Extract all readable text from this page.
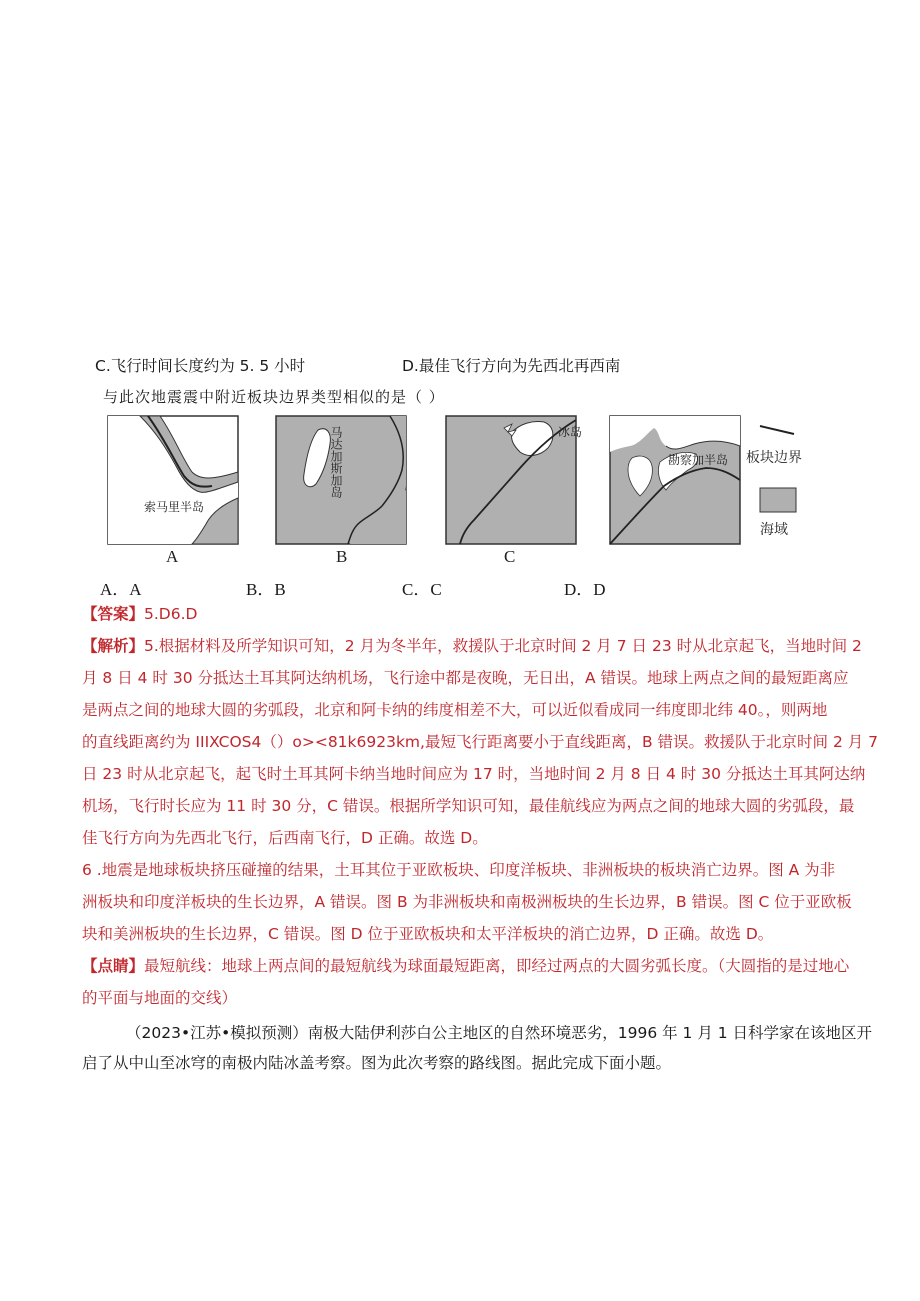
C.飞行时间长度约为 5. 5 小时	D.最佳飞行方向为先西北再西南
与此次地震震中附近板块边界类型相似的是（ ）
索马里半岛
马达加斯加岛	冰岛
勘察加半岛 板块边界
海域
A	B	C
A．A	B．B	C．C	D．D

【答案】5.D6.D

【解析】5.根据材料及所学知识可知，2 月为冬半年，救援队于北京时间 2 月 7 日 23 时从北京起飞，当地时间 2

月 8 日 4 时 30 分抵达土耳其阿达纳机场，飞行途中都是夜晚，无日出，A 错误。地球上两点之间的最短距离应

是两点之间的地球大圆的劣弧段，北京和阿卡纳的纬度相差不大，可以近似看成同一纬度即北纬 40。，则两地

的直线距离约为 IIIXCOS4（）o><81k6923km,最短飞行距离要小于直线距离，B 错误。救援队于北京时间 2 月 7

日 23 时从北京起飞，起飞时土耳其阿卡纳当地时间应为 17 时，当地时间 2 月 8 日 4 时 30 分抵达土耳其阿达纳

机场，飞行时长应为 11 时 30 分，C 错误。根据所学知识可知，最佳航线应为两点之间的地球大圆的劣弧段，最

佳飞行方向为先西北飞行，后西南飞行，D 正确。故选 D。

6 .地震是地球板块挤压碰撞的结果，土耳其位于亚欧板块、印度洋板块、非洲板块的板块消亡边界。图 A 为非

洲板块和印度洋板块的生长边界，A 错误。图 B 为非洲板块和南极洲板块的生长边界，B 错误。图 C 位于亚欧板

块和美洲板块的生长边界，C 错误。图 D 位于亚欧板块和太平洋板块的消亡边界，D 正确。故选 D。

【点睛】最短航线：地球上两点间的最短航线为球面最短距离，即经过两点的大圆劣弧长度。（大圆指的是过地心

的平面与地面的交线）

（2023•江苏•模拟预测）南极大陆伊利莎白公主地区的自然环境恶劣，1996 年 1 月 1 日科学家在该地区开

启了从中山至冰穹的南极内陆冰盖考察。图为此次考察的路线图。据此完成下面小题。
